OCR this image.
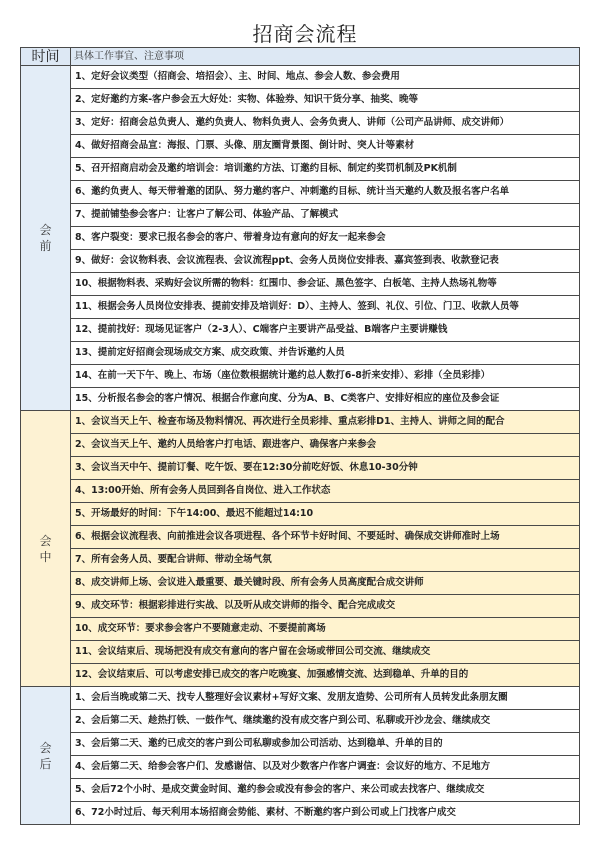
招商会流程
时间	具体工作事宜、注意事项

会
前	1、定好会议类型（招商会、培招会）、主、时间、地点、参会人数、参会费用
	2、定好邀约方案-客户参会五大好处：实物、体验券、知识干货分享、抽奖、晚等
	3、定好：招商会总负责人、邀约负责人、物料负责人、会务负责人、讲师（公司产品讲师、成交讲师）
	4、做好招商会品宣：海报、门票、头像、朋友圈背景图、倒计时、突人计等素材
	5、召开招商启动会及邀约培训会：培训邀约方法、订邀约目标、制定约奖罚机制及PK机制
	6、邀约负责人、每天带着邀的团队、努力邀约客户、冲刺邀约目标、统计当天邀约人数及报名客户名单
	7、提前铺垫参会客户：让客户了解公司、体验产品、了解模式
	8、客户裂变：要求已报名参会的客户、带着身边有意向的好友一起来参会
	9、做好：会议物料表、会议流程表、会议流程ppt、会务人员岗位安排表、嘉宾签到表、收款登记表
	10、根据物料表、采购好会议所需的物料：红围巾、参会证、黑色签字、白板笔、主持人热场礼物等
	11、根据会务人员岗位安排表、提前安排及培训好：D）、主持人、签到、礼仪、引位、门卫、收款人员等
	12、提前找好：现场见证客户（2-3人）、C端客户主要讲产品受益、B端客户主要讲赚钱
	13、提前定好招商会现场成交方案、成交政策、并告诉邀约人员
	14、在前一天下午、晚上、布场（座位数根据统计邀约总人数打6-8折来安排）、彩排（全员彩排）
	15、分析报名参会的客户情况、根据合作意向度、分为A、B、C类客户、安排好相应的座位及参会证

会
中	1、会议当天上午、检查布场及物料情况、再次进行全员彩排、重点彩排D1、主持人、讲师之间的配合
	2、会议当天上午、邀约人员给客户打电话、跟进客户、确保客户来参会
	3、会议当天中午、提前订餐、吃午饭、要在12:30分前吃好饭、休息10-30分钟
	4、13:00开始、所有会务人员回到各自岗位、进入工作状态
	5、开场最好的时间：下午14:00、最迟不能超过14:10
	6、根据会议流程表、向前推进会议各项进程、各个环节卡好时间、不要延时、确保成交讲师准时上场
	7、所有会务人员、要配合讲师、带动全场气氛
	8、成交讲师上场、会议进入最重要、最关键时段、所有会务人员高度配合成交讲师
	9、成交环节：根据彩排进行实战、以及听从成交讲师的指令、配合完成成交
	10、成交环节：要求参会客户不要随意走动、不要提前离场
	11、会议结束后、现场把没有成交有意向的客户留在会场或带回公司交流、继续成交
	12、会议结束后、可以考虑安排已成交的客户吃晚宴、加强感情交流、达到稳单、升单的目的

会
后	1、会后当晚或第二天、找专人整理好会议素材+写好文案、发朋友造势、公司所有人员转发此条朋友圈
	2、会后第二天、趁热打铁、一鼓作气、继续邀约没有成交客户到公司、私聊或开沙龙会、继续成交
	3、会后第二天、邀约已成交的客户到公司私聊或参加公司活动、达到稳单、升单的目的
	4、会后第二天、给参会客户们、发感谢信、以及对少数客户作客户调查：会议好的地方、不足地方
	5、会后72个小时、是成交黄金时间、邀约参会或没有参会的客户、来公司或去找客户、继续成交
	6、72小时过后、每天利用本场招商会势能、素材、不断邀约客户到公司或上门找客户成交
